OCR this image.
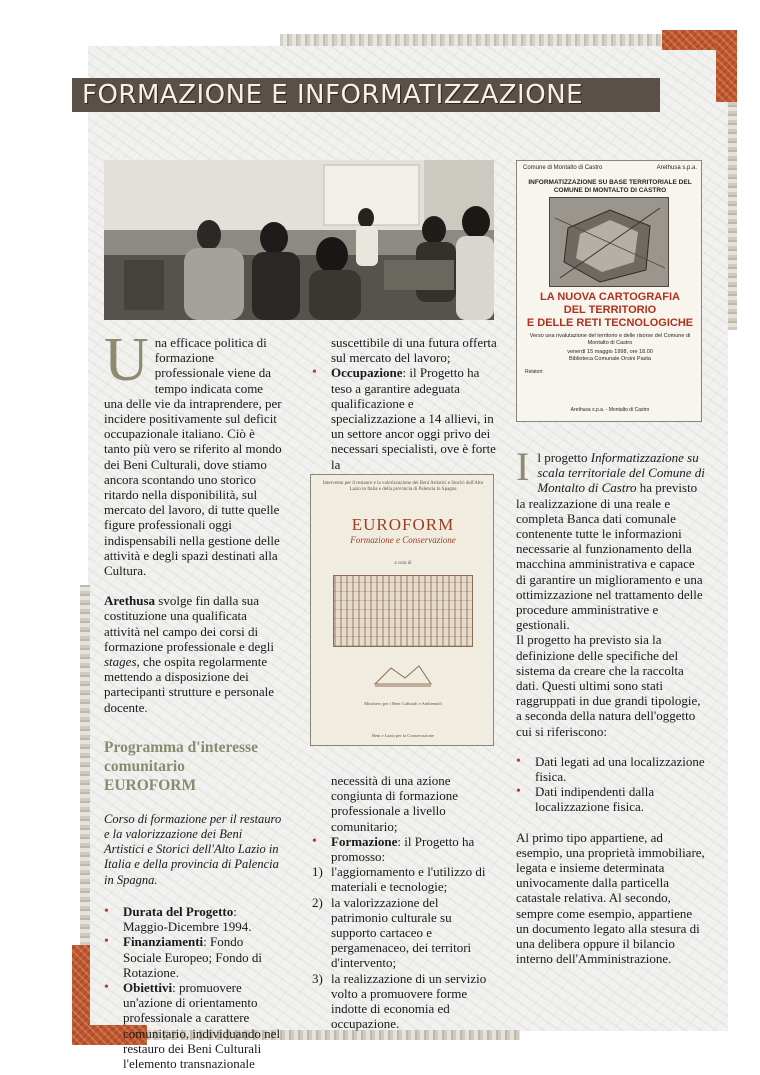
FORMAZIONE E INFORMATIZZAZIONE
Comune di Montalto di Castro	Arethusa s.p.a.
INFORMATIZZAZIONE SU BASE TERRITORIALE DEL COMUNE DI MONTALTO DI CASTRO
LA NUOVA CARTOGRAFIA
DEL TERRITORIO
E DELLE RETI TECNOLOGICHE
Verso una rivalutazione del territorio e delle risorse del Comune di Montalto di Castro
venerdì 15 maggio 1998, ore 18.00
Biblioteca Comunale Orsini Pasta
Relatori:
Arethusa s.p.a. - Montalto di Castro
Intervento per il restauro e la valorizzazione dei Beni Artistici e Storici dell'Alto Lazio in Italia e della provincia di Palencia in Spagna
EUROFORM
Formazione e Conservazione
a cura di
Ministero per i Beni Culturali e Ambientali
Beni e Lazio per la Conservazione

Una efficace politica di formazione professionale viene da tempo indicata come una delle vie da intraprendere, per incidere positivamente sul deficit occupazionale italiano. Ciò è tanto più vero se riferito al mondo dei Beni Culturali, dove stiamo ancora scontando uno storico ritardo nella disponibilità, sul mercato del lavoro, di tutte quelle figure professionali oggi indispensabili nella gestione delle attività e degli spazi destinati alla Cultura.

Arethusa svolge fin dalla sua costituzione una qualificata attività nel campo dei corsi di formazione professionale e degli stages, che ospita regolarmente mettendo a disposizione dei partecipanti strutture e personale docente.

Programma d'interesse
comunitario
EUROFORM

Corso di formazione per il restauro e la valorizzazione dei Beni Artistici e Storici dell'Alto Lazio in Italia e della provincia di Palencia in Spagna.

• Durata del Progetto: Maggio-Dicembre 1994.
• Finanziamenti: Fondo Sociale Europeo; Fondo di Rotazione.
• Obiettivi: promuovere un'azione di orientamento professionale a carattere comunitario, individuando nel restauro dei Beni Culturali l'elemento transnazionale

suscettibile di una futura offerta sul mercato del lavoro;

• Occupazione: il Progetto ha teso a garantire adeguata qualificazione e specializzazione a 14 allievi, in un settore ancor oggi privo dei necessari specialisti, ove è forte la

necessità di una azione congiunta di formazione professionale a livello comunitario;

• Formazione: il Progetto ha promosso:
1) l'aggiornamento e l'utilizzo di materiali e tecnologie;
2) la valorizzazione del patrimonio culturale su supporto cartaceo e pergamenaceo, dei territori d'intervento;
3) la realizzazione di un servizio volto a promuovere forme indotte di economia ed occupazione.

Il progetto Informatizzazione su scala territoriale del Comune di Montalto di Castro ha previsto la realizzazione di una reale e completa Banca dati comunale contenente tutte le informazioni necessarie al funzionamento della macchina amministrativa e capace di garantire un miglioramento e una ottimizzazione nel trattamento delle procedure amministrative e gestionali.

Il progetto ha previsto sia la definizione delle specifiche del sistema da creare che la raccolta dati. Questi ultimi sono stati raggruppati in due grandi tipologie, a seconda della natura dell'oggetto cui si riferiscono:

• Dati legati ad una localizzazione fisica.
• Dati indipendenti dalla localizzazione fisica.

Al primo tipo appartiene, ad esempio, una proprietà immobiliare, legata e insieme determinata univocamente dalla particella catastale relativa. Al secondo, sempre come esempio, appartiene un documento legato alla stesura di una delibera oppure il bilancio interno dell'Amministrazione.
